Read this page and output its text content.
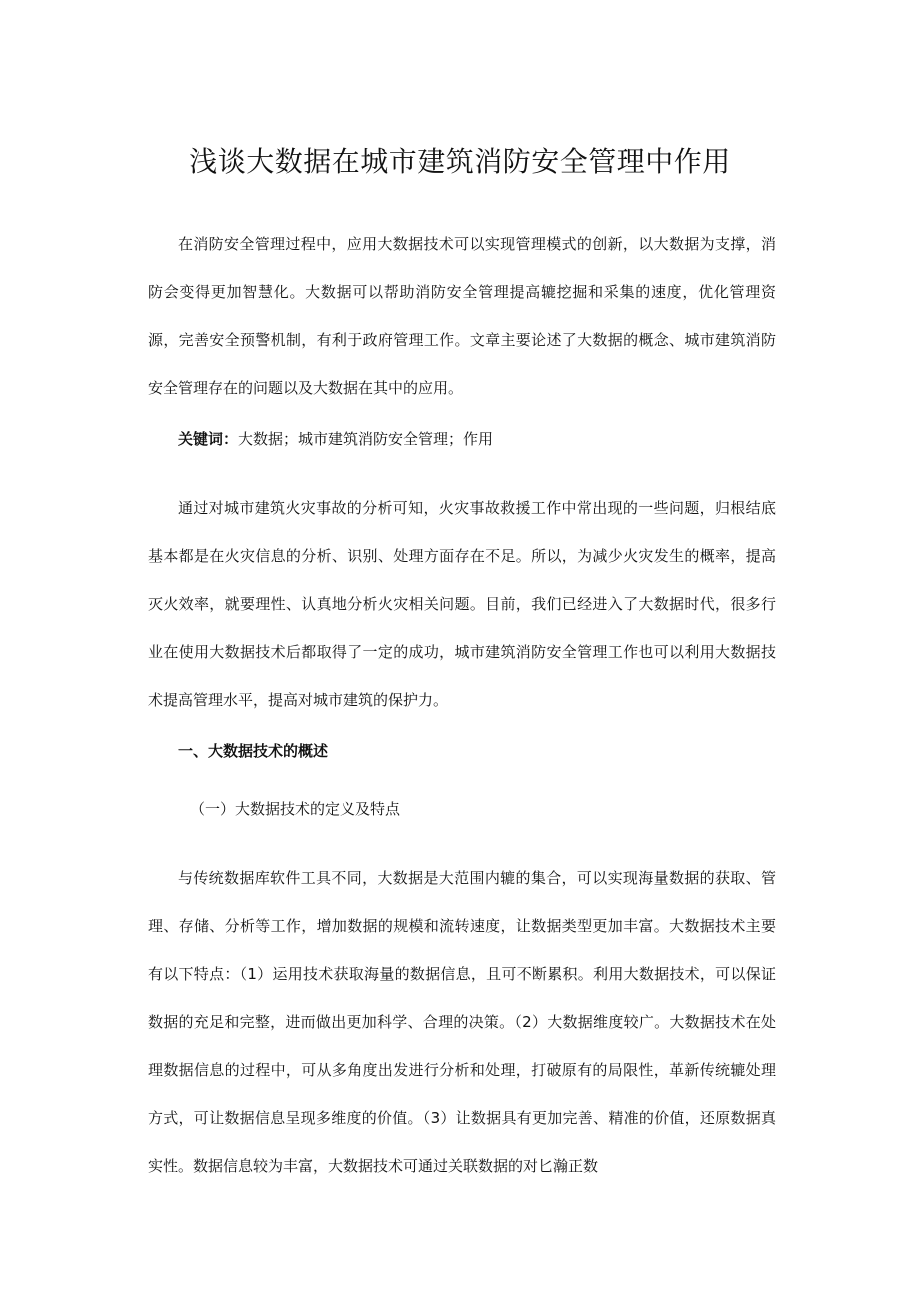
浅谈大数据在城市建筑消防安全管理中作用

在消防安全管理过程中，应用大数据技术可以实现管理模式的创新，以大数据为支撑，消防会变得更加智慧化。大数据可以帮助消防安全管理提高辘挖掘和采集的速度，优化管理资源，完善安全预警机制，有利于政府管理工作。文章主要论述了大数据的概念、城市建筑消防安全管理存在的问题以及大数据在其中的应用。

关键词：大数据；城市建筑消防安全管理；作用

通过对城市建筑火灾事故的分析可知，火灾事故救援工作中常出现的一些问题，归根结底基本都是在火灾信息的分析、识别、处理方面存在不足。所以，为减少火灾发生的概率，提高灭火效率，就要理性、认真地分析火灾相关问题。目前，我们已经进入了大数据时代，很多行业在使用大数据技术后都取得了一定的成功，城市建筑消防安全管理工作也可以利用大数据技术提高管理水平，提高对城市建筑的保护力。

一、大数据技术的概述
（一）大数据技术的定义及特点

与传统数据库软件工具不同，大数据是大范围内辘的集合，可以实现海量数据的获取、管理、存储、分析等工作，增加数据的规模和流转速度，让数据类型更加丰富。大数据技术主要有以下特点：（1）运用技术获取海量的数据信息，且可不断累积。利用大数据技术，可以保证数据的充足和完整，进而做出更加科学、合理的决策。（2）大数据维度较广。大数据技术在处理数据信息的过程中，可从多角度出发进行分析和处理，打破原有的局限性，革新传统辘处理方式，可让数据信息呈现多维度的价值。（3）让数据具有更加完善、精准的价值，还原数据真实性。数据信息较为丰富，大数据技术可通过关联数据的对匕瀚正数
